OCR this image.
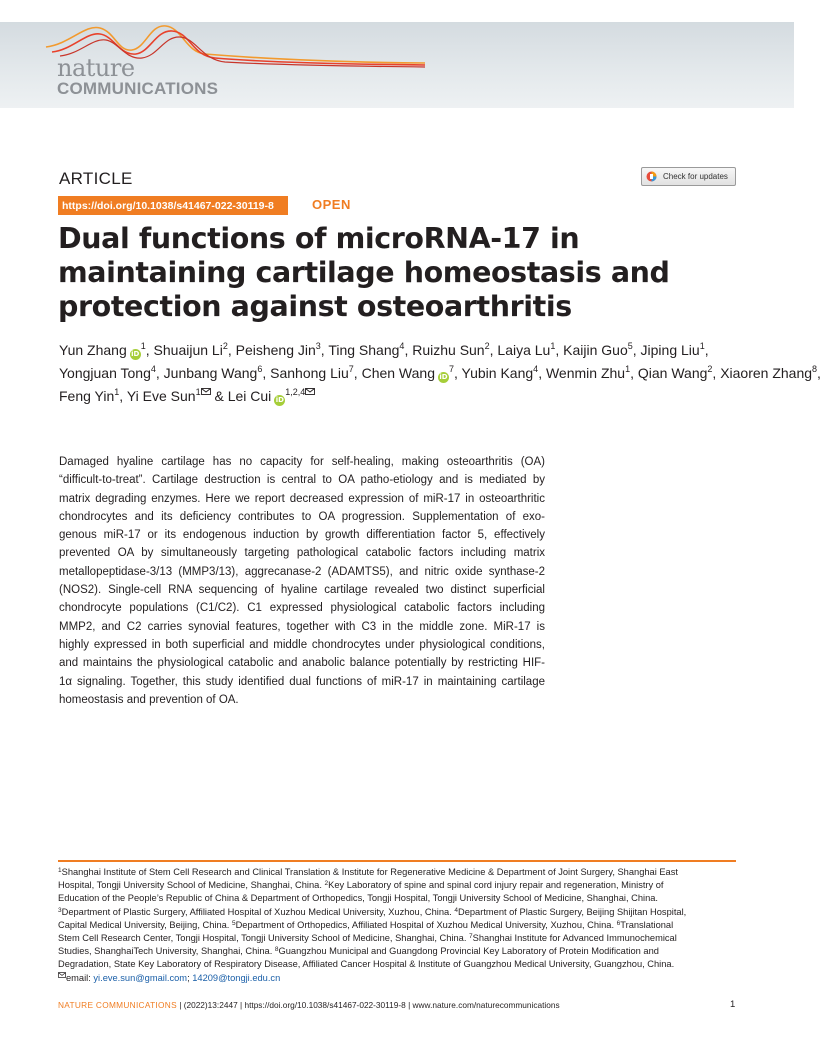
nature
COMMUNICATIONS
ARTICLE	Check for updates
https://doi.org/10.1038/s41467-022-30119-8	OPEN
Dual functions of microRNA-17 in maintaining cartilage homeostasis and protection against osteoarthritis
Yun Zhang $iD^1$, Shuaijun Li$^2$, Peisheng Jin$^3$, Ting Shang$^4$, Ruizhu Sun$^2$, Laiya Lu$^1$, Kaijin Guo$^5$, Jiping Liu$^1$,
Yongjuan Tong$^4$, Junbang Wang$^6$, Sanhong Liu$^7$, Chen Wang $iD^7$, Yubin Kang$^4$, Wenmin Zhu$^1$, Qian Wang$^2$, Xiaoren Zhang$^8$,
Feng Yin$^1$, Yi Eve Sun$^1$ & Lei Cui iD$^{1,2,4}$
Damaged hyaline cartilage has no capacity for self-healing, making osteoarthritis (OA)
“difficult-to-treat”. Cartilage destruction is central to OA patho-etiology and is mediated by
matrix degrading enzymes. Here we report decreased expression of miR-17 in osteoarthritic
chondrocytes and its deficiency contributes to OA progression. Supplementation of exo-
genous miR-17 or its endogenous induction by growth differentiation factor 5, effectively
prevented OA by simultaneously targeting pathological catabolic factors including matrix
metallopeptidase-3/13 (MMP3/13), aggrecanase-2 (ADAMTS5), and nitric oxide synthase-2
(NOS2). Single-cell RNA sequencing of hyaline cartilage revealed two distinct superficial
chondrocyte populations (C1/C2). C1 expressed physiological catabolic factors including
MMP2, and C2 carries synovial features, together with C3 in the middle zone. MiR-17 is
highly expressed in both superficial and middle chondrocytes under physiological conditions,
and maintains the physiological catabolic and anabolic balance potentially by restricting HIF-
1α signaling. Together, this study identified dual functions of miR-17 in maintaining cartilage
homeostasis and prevention of OA.
$^1$Shanghai Institute of Stem Cell Research and Clinical Translation & Institute for Regenerative Medicine & Department of Joint Surgery, Shanghai East
Hospital, Tongji University School of Medicine, Shanghai, China. $^2$Key Laboratory of spine and spinal cord injury repair and regeneration, Ministry of
Education of the People’s Republic of China & Department of Orthopedics, Tongji Hospital, Tongji University School of Medicine, Shanghai, China.
$^3$Department of Plastic Surgery, Affiliated Hospital of Xuzhou Medical University, Xuzhou, China. $^4$Department of Plastic Surgery, Beijing Shijitan Hospital,
Capital Medical University, Beijing, China. $^5$Department of Orthopedics, Affiliated Hospital of Xuzhou Medical University, Xuzhou, China. $^6$Translational
Stem Cell Research Center, Tongji Hospital, Tongji University School of Medicine, Shanghai, China. $^7$Shanghai Institute for Advanced Immunochemical
Studies, ShanghaiTech University, Shanghai, China. $^8$Guangzhou Municipal and Guangdong Provincial Key Laboratory of Protein Modification and
Degradation, State Key Laboratory of Respiratory Disease, Affiliated Cancer Hospital & Institute of Guangzhou Medical University, Guangzhou, China.
email: yi.eve.sun@gmail.com; 14209@tongji.edu.cn
NATURE COMMUNICATIONS | (2022)13:2447 | https://doi.org/10.1038/s41467-022-30119-8 | www.nature.com/naturecommunications	1
